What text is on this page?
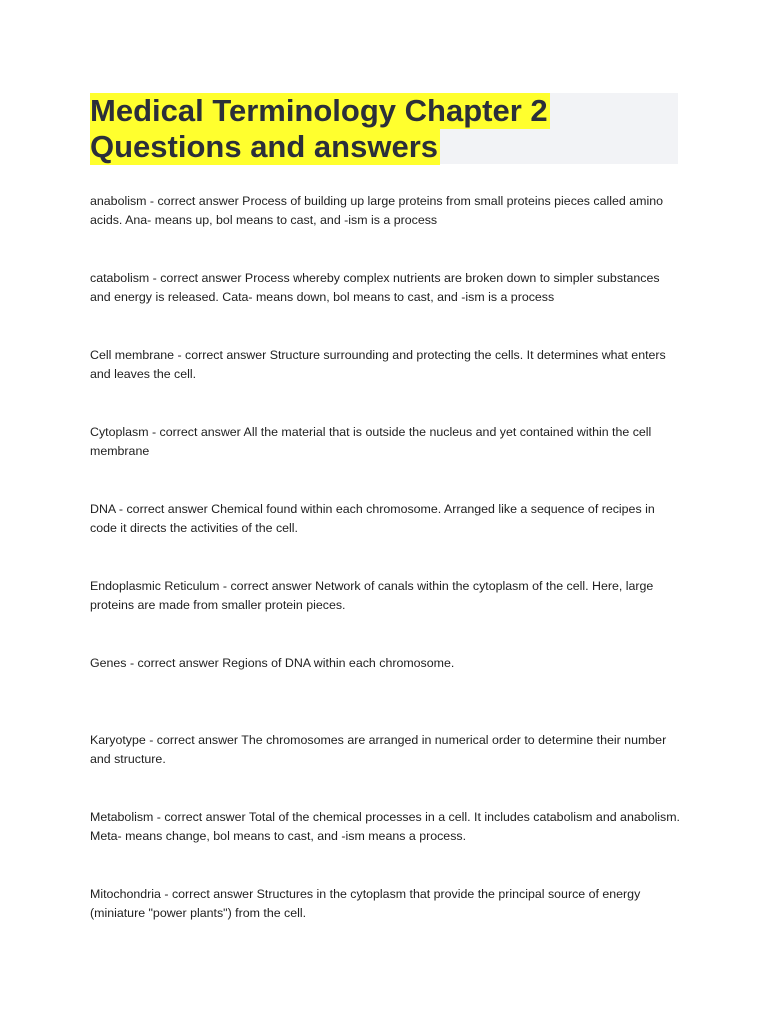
Medical Terminology Chapter 2
Questions and answers

anabolism - correct answer Process of building up large proteins from small proteins pieces called amino acids. Ana- means up, bol means to cast, and -ism is a process

catabolism - correct answer Process whereby complex nutrients are broken down to simpler substances and energy is released. Cata- means down, bol means to cast, and -ism is a process

Cell membrane - correct answer Structure surrounding and protecting the cells. It determines what enters and leaves the cell.

Cytoplasm - correct answer All the material that is outside the nucleus and yet contained within the cell membrane

DNA - correct answer Chemical found within each chromosome. Arranged like a sequence of recipes in code it directs the activities of the cell.

Endoplasmic Reticulum - correct answer Network of canals within the cytoplasm of the cell. Here, large proteins are made from smaller protein pieces.

Genes - correct answer Regions of DNA within each chromosome.

Karyotype - correct answer The chromosomes are arranged in numerical order to determine their number and structure.

Metabolism - correct answer Total of the chemical processes in a cell. It includes catabolism and anabolism. Meta- means change, bol means to cast, and -ism means a process.

Mitochondria - correct answer Structures in the cytoplasm that provide the principal source of energy (miniature "power plants") from the cell.
